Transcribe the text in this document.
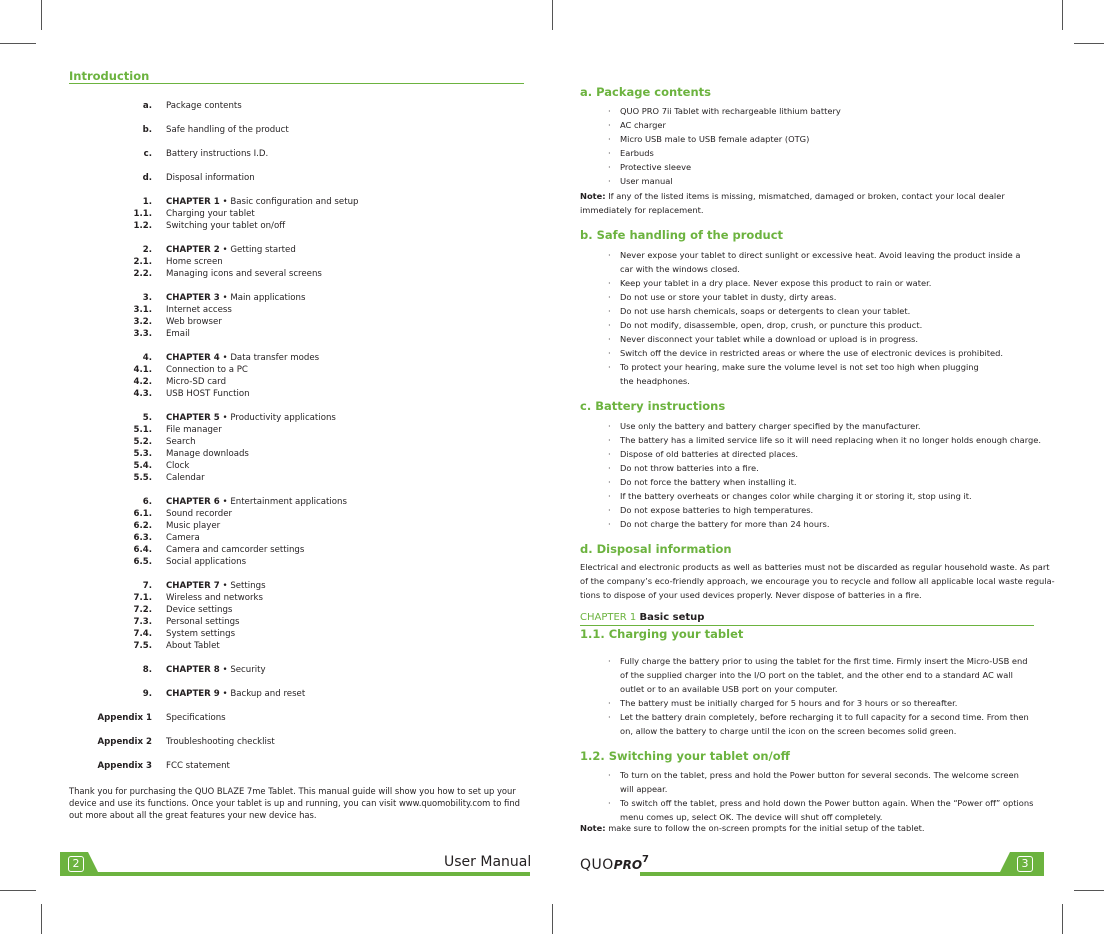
Introduction
a. Package contents
b. Safe handling of the product
c. Battery instructions I.D.
d. Disposal information
1. CHAPTER 1 • Basic configuration and setup
1.1. Charging your tablet
1.2. Switching your tablet on/off
2. CHAPTER 2 • Getting started
2.1. Home screen
2.2. Managing icons and several screens
3. CHAPTER 3 • Main applications
3.1. Internet access
3.2. Web browser
3.3. Email
4. CHAPTER 4 • Data transfer modes
4.1. Connection to a PC
4.2. Micro-SD card
4.3. USB HOST Function
5. CHAPTER 5 • Productivity applications
5.1. File manager
5.2. Search
5.3. Manage downloads
5.4. Clock
5.5. Calendar
6. CHAPTER 6 • Entertainment applications
6.1. Sound recorder
6.2. Music player
6.3. Camera
6.4. Camera and camcorder settings
6.5. Social applications
7. CHAPTER 7 • Settings
7.1. Wireless and networks
7.2. Device settings
7.3. Personal settings
7.4. System settings
7.5. About Tablet
8. CHAPTER 8 • Security
9. CHAPTER 9 • Backup and reset
Appendix 1 Specifications
Appendix 2 Troubleshooting checklist
Appendix 3 FCC statement
Thank you for purchasing the QUO BLAZE 7me Tablet. This manual guide will show you how to set up your device and use its functions. Once your tablet is up and running, you can visit www.quomobility.com to find out more about all the great features your new device has.
2	User Manual
a. Package contents
· QUO PRO 7ii Tablet with rechargeable lithium battery
· AC charger
· Micro USB male to USB female adapter (OTG)
· Earbuds
· Protective sleeve
· User manual
Note: If any of the listed items is missing, mismatched, damaged or broken, contact your local dealer
immediately for replacement.
b. Safe handling of the product
· Never expose your tablet to direct sunlight or excessive heat. Avoid leaving the product inside a
car with the windows closed.
· Keep your tablet in a dry place. Never expose this product to rain or water.
· Do not use or store your tablet in dusty, dirty areas.
· Do not use harsh chemicals, soaps or detergents to clean your tablet.
· Do not modify, disassemble, open, drop, crush, or puncture this product.
· Never disconnect your tablet while a download or upload is in progress.
· Switch off the device in restricted areas or where the use of electronic devices is prohibited.
· To protect your hearing, make sure the volume level is not set too high when plugging
the headphones.
c. Battery instructions
· Use only the battery and battery charger specified by the manufacturer.
· The battery has a limited service life so it will need replacing when it no longer holds enough charge.
· Dispose of old batteries at directed places.
· Do not throw batteries into a fire.
· Do not force the battery when installing it.
· If the battery overheats or changes color while charging it or storing it, stop using it.
· Do not expose batteries to high temperatures.
· Do not charge the battery for more than 24 hours.
d. Disposal information
Electrical and electronic products as well as batteries must not be discarded as regular household waste. As part
of the company’s eco-friendly approach, we encourage you to recycle and follow all applicable local waste regula-
tions to dispose of your used devices properly. Never dispose of batteries in a fire.
CHAPTER 1 Basic setup
1.1. Charging your tablet
· Fully charge the battery prior to using the tablet for the first time. Firmly insert the Micro-USB end
of the supplied charger into the I/O port on the tablet, and the other end to a standard AC wall
outlet or to an available USB port on your computer.
· The battery must be initially charged for 5 hours and for 3 hours or so thereafter.
· Let the battery drain completely, before recharging it to full capacity for a second time. From then
on, allow the battery to charge until the icon on the screen becomes solid green.
1.2. Switching your tablet on/off
· To turn on the tablet, press and hold the Power button for several seconds. The welcome screen
will appear.
· To switch off the tablet, press and hold down the Power button again. When the “Power off” options
menu comes up, select OK. The device will shut off completely.
Note: make sure to follow the on-screen prompts for the initial setup of the tablet.
QUOPRO$^7$	3
